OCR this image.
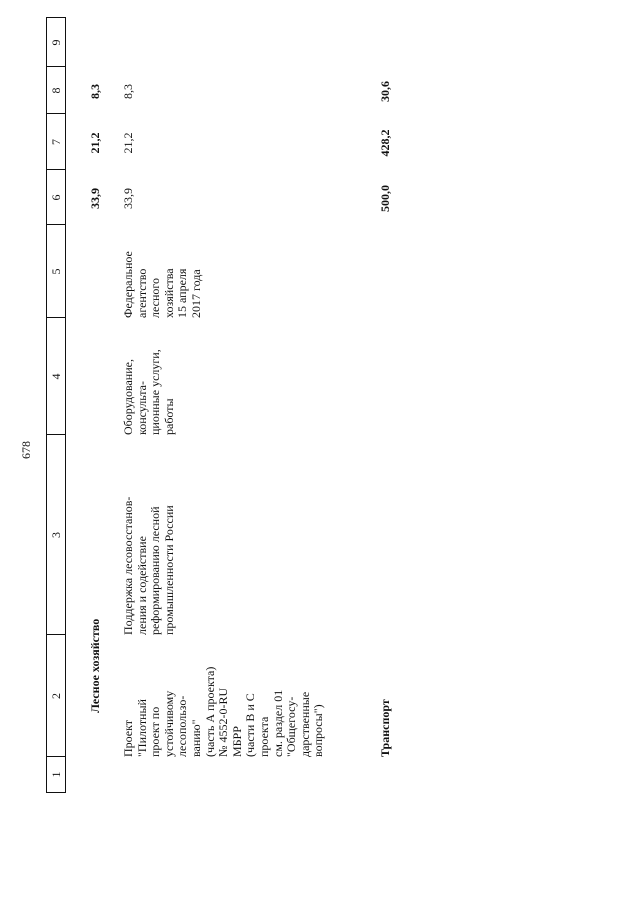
678
1
2
3
4
5
6
7
8
9
Лесное хозяйство
33,9
21,2
8,3
Проект
"Пилотный
проект по
устойчивому
лесопользо-
ванию"
(часть А проекта)
№ 4552-0-RU
МБРР
(части В и С
проекта
см. раздел 01
"Общегосу-
дарственные
вопросы")
Поддержка лесовосстанов-
ления и содействие
реформированию лесной
промышленности России
Оборудование,
консульта-
ционные услуги,
работы
Федеральное
агентство
лесного
хозяйства
15 апреля
2017 года
33,9
21,2
8,3
Транспорт
500,0
428,2
30,6
